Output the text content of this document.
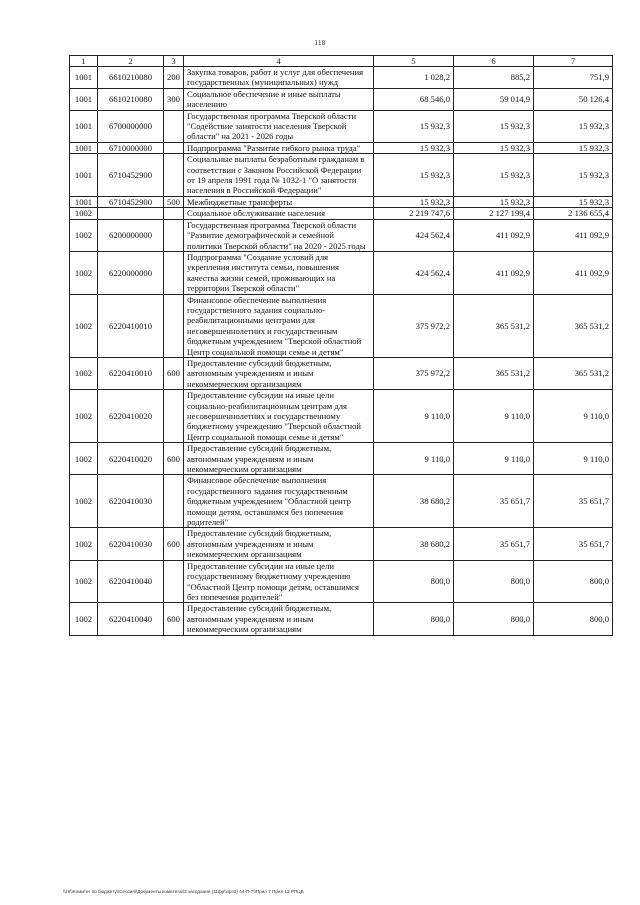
118
1	2	3	4	5	6	7
1001	6610210080	200	Закупка товаров, работ и услуг для обеспечения государственных (муниципальных) нужд	1 028,2	885,2	751,9
1001	6610210080	300	Социальное обеспечение и иные выплаты населению	68 546,0	59 014,9	50 126,4
1001	6700000000		Государственная программа Тверской области "Содействие занятости населения Тверской области" на 2021 - 2026 годы	15 932,3	15 932,3	15 932,3
1001	6710000000		Подпрограмма "Развитие гибкого рынка труда"	15 932,3	15 932,3	15 932,3
1001	6710452900		Социальные выплаты безработным гражданам в соответствии с Законом Российской Федерации от 19 апреля 1991 года № 1032-1 "О занятости населения в Российской Федерации"	15 932,3	15 932,3	15 932,3
1001	6710452900	500	Межбюджетные трансферты	15 932,3	15 932,3	15 932,3
1002			Социальное обслуживание населения	2 219 747,6	2 127 199,4	2 136 655,4
1002	6200000000		Государственная программа Тверской области "Развитие демографической и семейной политики Тверской области" на 2020 - 2025 годы	424 562,4	411 092,9	411 092,9
1002	6220000000		Подпрограмма "Создание условий для укрепления института семьи, повышения качества жизни семей, проживающих на территории Тверской области"	424 562,4	411 092,9	411 092,9
1002	6220410010		Финансовое обеспечение выполнения государственного задания социально-реабилитационными центрами для несовершеннолетних и государственным бюджетным учреждением "Тверской областной Центр социальной помощи семье и детям"	375 972,2	365 531,2	365 531,2
1002	6220410010	600	Предоставление субсидий бюджетным, автономным учреждениям и иным некоммерческим организациям	375 972,2	365 531,2	365 531,2
1002	6220410020		Предоставление субсидии на иные цели социально-реабилитационным центрам для несовершеннолетних и государственному бюджетному учреждению "Тверской областной Центр социальной помощи семье и детям"	9 110,0	9 110,0	9 110,0
1002	6220410020	600	Предоставление субсидий бюджетным, автономным учреждениям и иным некоммерческим организациям	9 110,0	9 110,0	9 110,0
1002	6220410030		Финансовое обеспечение выполнения государственного задания государственным бюджетным учреждением "Областной центр помощи детям, оставшимся без попечения родителей"	38 680,2	35 651,7	35 651,7
1002	6220410030	600	Предоставление субсидий бюджетным, автономным учреждениям и иным некоммерческим организациям	38 680,2	35 651,7	35 651,7
1002	6220410040		Предоставление субсидии на иные цели государственному бюджетному учреждению "Областной Центр помощи детям, оставшимся без попечения родителей"	800,0	800,0	800,0
1002	6220410040	600	Предоставление субсидий бюджетным, автономным учреждениям и иным некоммерческим организациям	800,0	800,0	800,0
\\z6\\Комитет по бюджету\\Сессия\\Документы комитета\\3 заседание (11фр\\зрп3) 44-П-7\\Прил 7 Прил 13 РПЦВ
